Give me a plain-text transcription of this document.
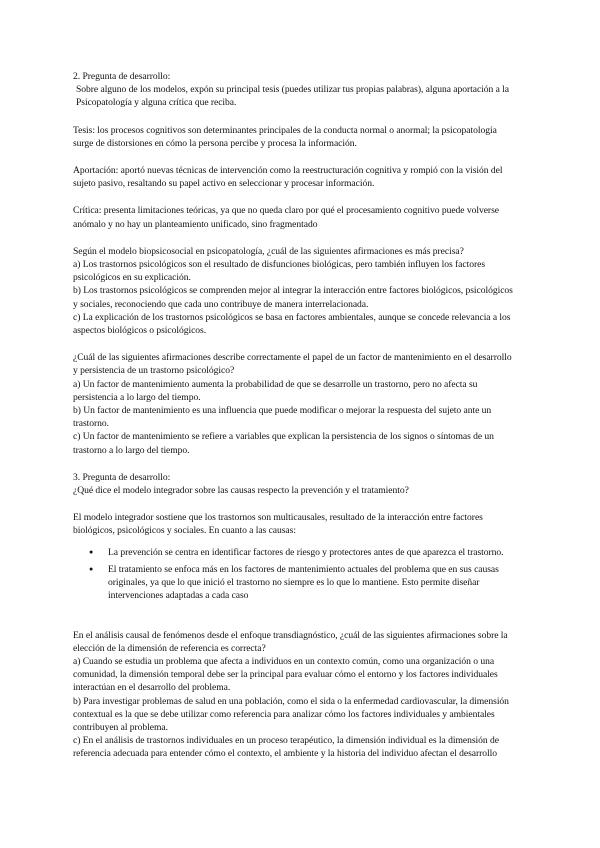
2. Pregunta de desarrollo:

Sobre alguno de los modelos, expón su principal tesis (puedes utilizar tus propias palabras), alguna aportación a la Psicopatología y alguna crítica que reciba.

Tesis: los procesos cognitivos son determinantes principales de la conducta normal o anormal; la psicopatología surge de distorsiones en cómo la persona percibe y procesa la información.

Aportación: aportó nuevas técnicas de intervención como la reestructuración cognitiva y rompió con la visión del sujeto pasivo, resaltando su papel activo en seleccionar y procesar información.

Crítica: presenta limitaciones teóricas, ya que no queda claro por qué el procesamiento cognitivo puede volverse anómalo y no hay un planteamiento unificado, sino fragmentado

Según el modelo biopsicosocial en psicopatología, ¿cuál de las siguientes afirmaciones es más precisa?

a) Los trastornos psicológicos son el resultado de disfunciones biológicas, pero también influyen los factores psicológicos en su explicación.

b) Los trastornos psicológicos se comprenden mejor al integrar la interacción entre factores biológicos, psicológicos y sociales, reconociendo que cada uno contribuye de manera interrelacionada.

c) La explicación de los trastornos psicológicos se basa en factores ambientales, aunque se concede relevancia a los aspectos biológicos o psicológicos.

¿Cuál de las siguientes afirmaciones describe correctamente el papel de un factor de mantenimiento en el desarrollo y persistencia de un trastorno psicológico?

a) Un factor de mantenimiento aumenta la probabilidad de que se desarrolle un trastorno, pero no afecta su persistencia a lo largo del tiempo.

b) Un factor de mantenimiento es una influencia que puede modificar o mejorar la respuesta del sujeto ante un trastorno.

c) Un factor de mantenimiento se refiere a variables que explican la persistencia de los signos o síntomas de un trastorno a lo largo del tiempo.

3. Pregunta de desarrollo:

¿Qué dice el modelo integrador sobre las causas respecto la prevención y el tratamiento?

El modelo integrador sostiene que los trastornos son multicausales, resultado de la interacción entre factores biológicos, psicológicos y sociales. En cuanto a las causas:

● La prevención se centra en identificar factores de riesgo y protectores antes de que aparezca el trastorno.
● El tratamiento se enfoca más en los factores de mantenimiento actuales del problema que en sus causas originales, ya que lo que inició el trastorno no siempre es lo que lo mantiene. Esto permite diseñar intervenciones adaptadas a cada caso

En el análisis causal de fenómenos desde el enfoque transdiagnóstico, ¿cuál de las siguientes afirmaciones sobre la elección de la dimensión de referencia es correcta?

a) Cuando se estudia un problema que afecta a individuos en un contexto común, como una organización o una comunidad, la dimensión temporal debe ser la principal para evaluar cómo el entorno y los factores individuales interactúan en el desarrollo del problema.

b) Para investigar problemas de salud en una población, como el sida o la enfermedad cardiovascular, la dimensión contextual es la que se debe utilizar como referencia para analizar cómo los factores individuales y ambientales contribuyen al problema.

c) En el análisis de trastornos individuales en un proceso terapéutico, la dimensión individual es la dimensión de referencia adecuada para entender cómo el contexto, el ambiente y la historia del individuo afectan el desarrollo
